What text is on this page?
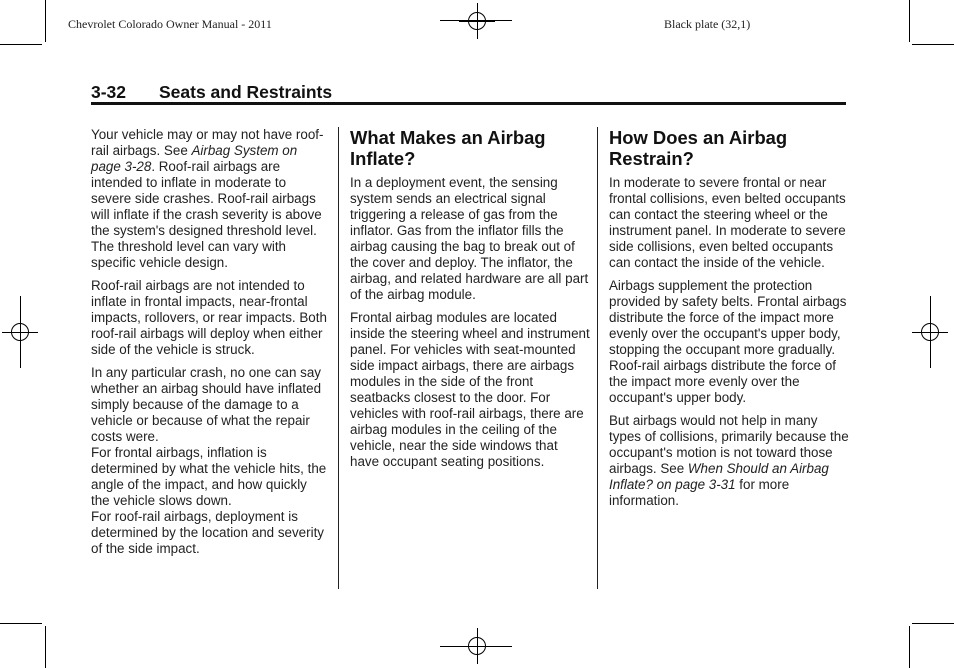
Chevrolet Colorado Owner Manual - 2011	Black plate (32,1)
3-32 Seats and Restraints

Your vehicle may or may not have roof-rail airbags. See Airbag System on page 3-28. Roof-rail airbags are intended to inflate in moderate to severe side crashes. Roof-rail airbags will inflate if the crash severity is above the system's designed threshold level. The threshold level can vary with specific vehicle design.

Roof-rail airbags are not intended to inflate in frontal impacts, near-frontal impacts, rollovers, or rear impacts. Both roof-rail airbags will deploy when either side of the vehicle is struck.

In any particular crash, no one can say whether an airbag should have inflated simply because of the damage to a vehicle or because of what the repair costs were.

For frontal airbags, inflation is determined by what the vehicle hits, the angle of the impact, and how quickly the vehicle slows down.

For roof-rail airbags, deployment is determined by the location and severity of the side impact.

What Makes an Airbag Inflate?

In a deployment event, the sensing system sends an electrical signal triggering a release of gas from the inflator. Gas from the inflator fills the airbag causing the bag to break out of the cover and deploy. The inflator, the airbag, and related hardware are all part of the airbag module.

Frontal airbag modules are located inside the steering wheel and instrument panel. For vehicles with seat-mounted side impact airbags, there are airbags modules in the side of the front seatbacks closest to the door. For vehicles with roof-rail airbags, there are airbag modules in the ceiling of the vehicle, near the side windows that have occupant seating positions.

How Does an Airbag Restrain?

In moderate to severe frontal or near frontal collisions, even belted occupants can contact the steering wheel or the instrument panel. In moderate to severe side collisions, even belted occupants can contact the inside of the vehicle.

Airbags supplement the protection provided by safety belts. Frontal airbags distribute the force of the impact more evenly over the occupant's upper body, stopping the occupant more gradually. Roof-rail airbags distribute the force of the impact more evenly over the occupant's upper body.

But airbags would not help in many types of collisions, primarily because the occupant's motion is not toward those airbags. See When Should an Airbag Inflate? on page 3-31 for more information.
